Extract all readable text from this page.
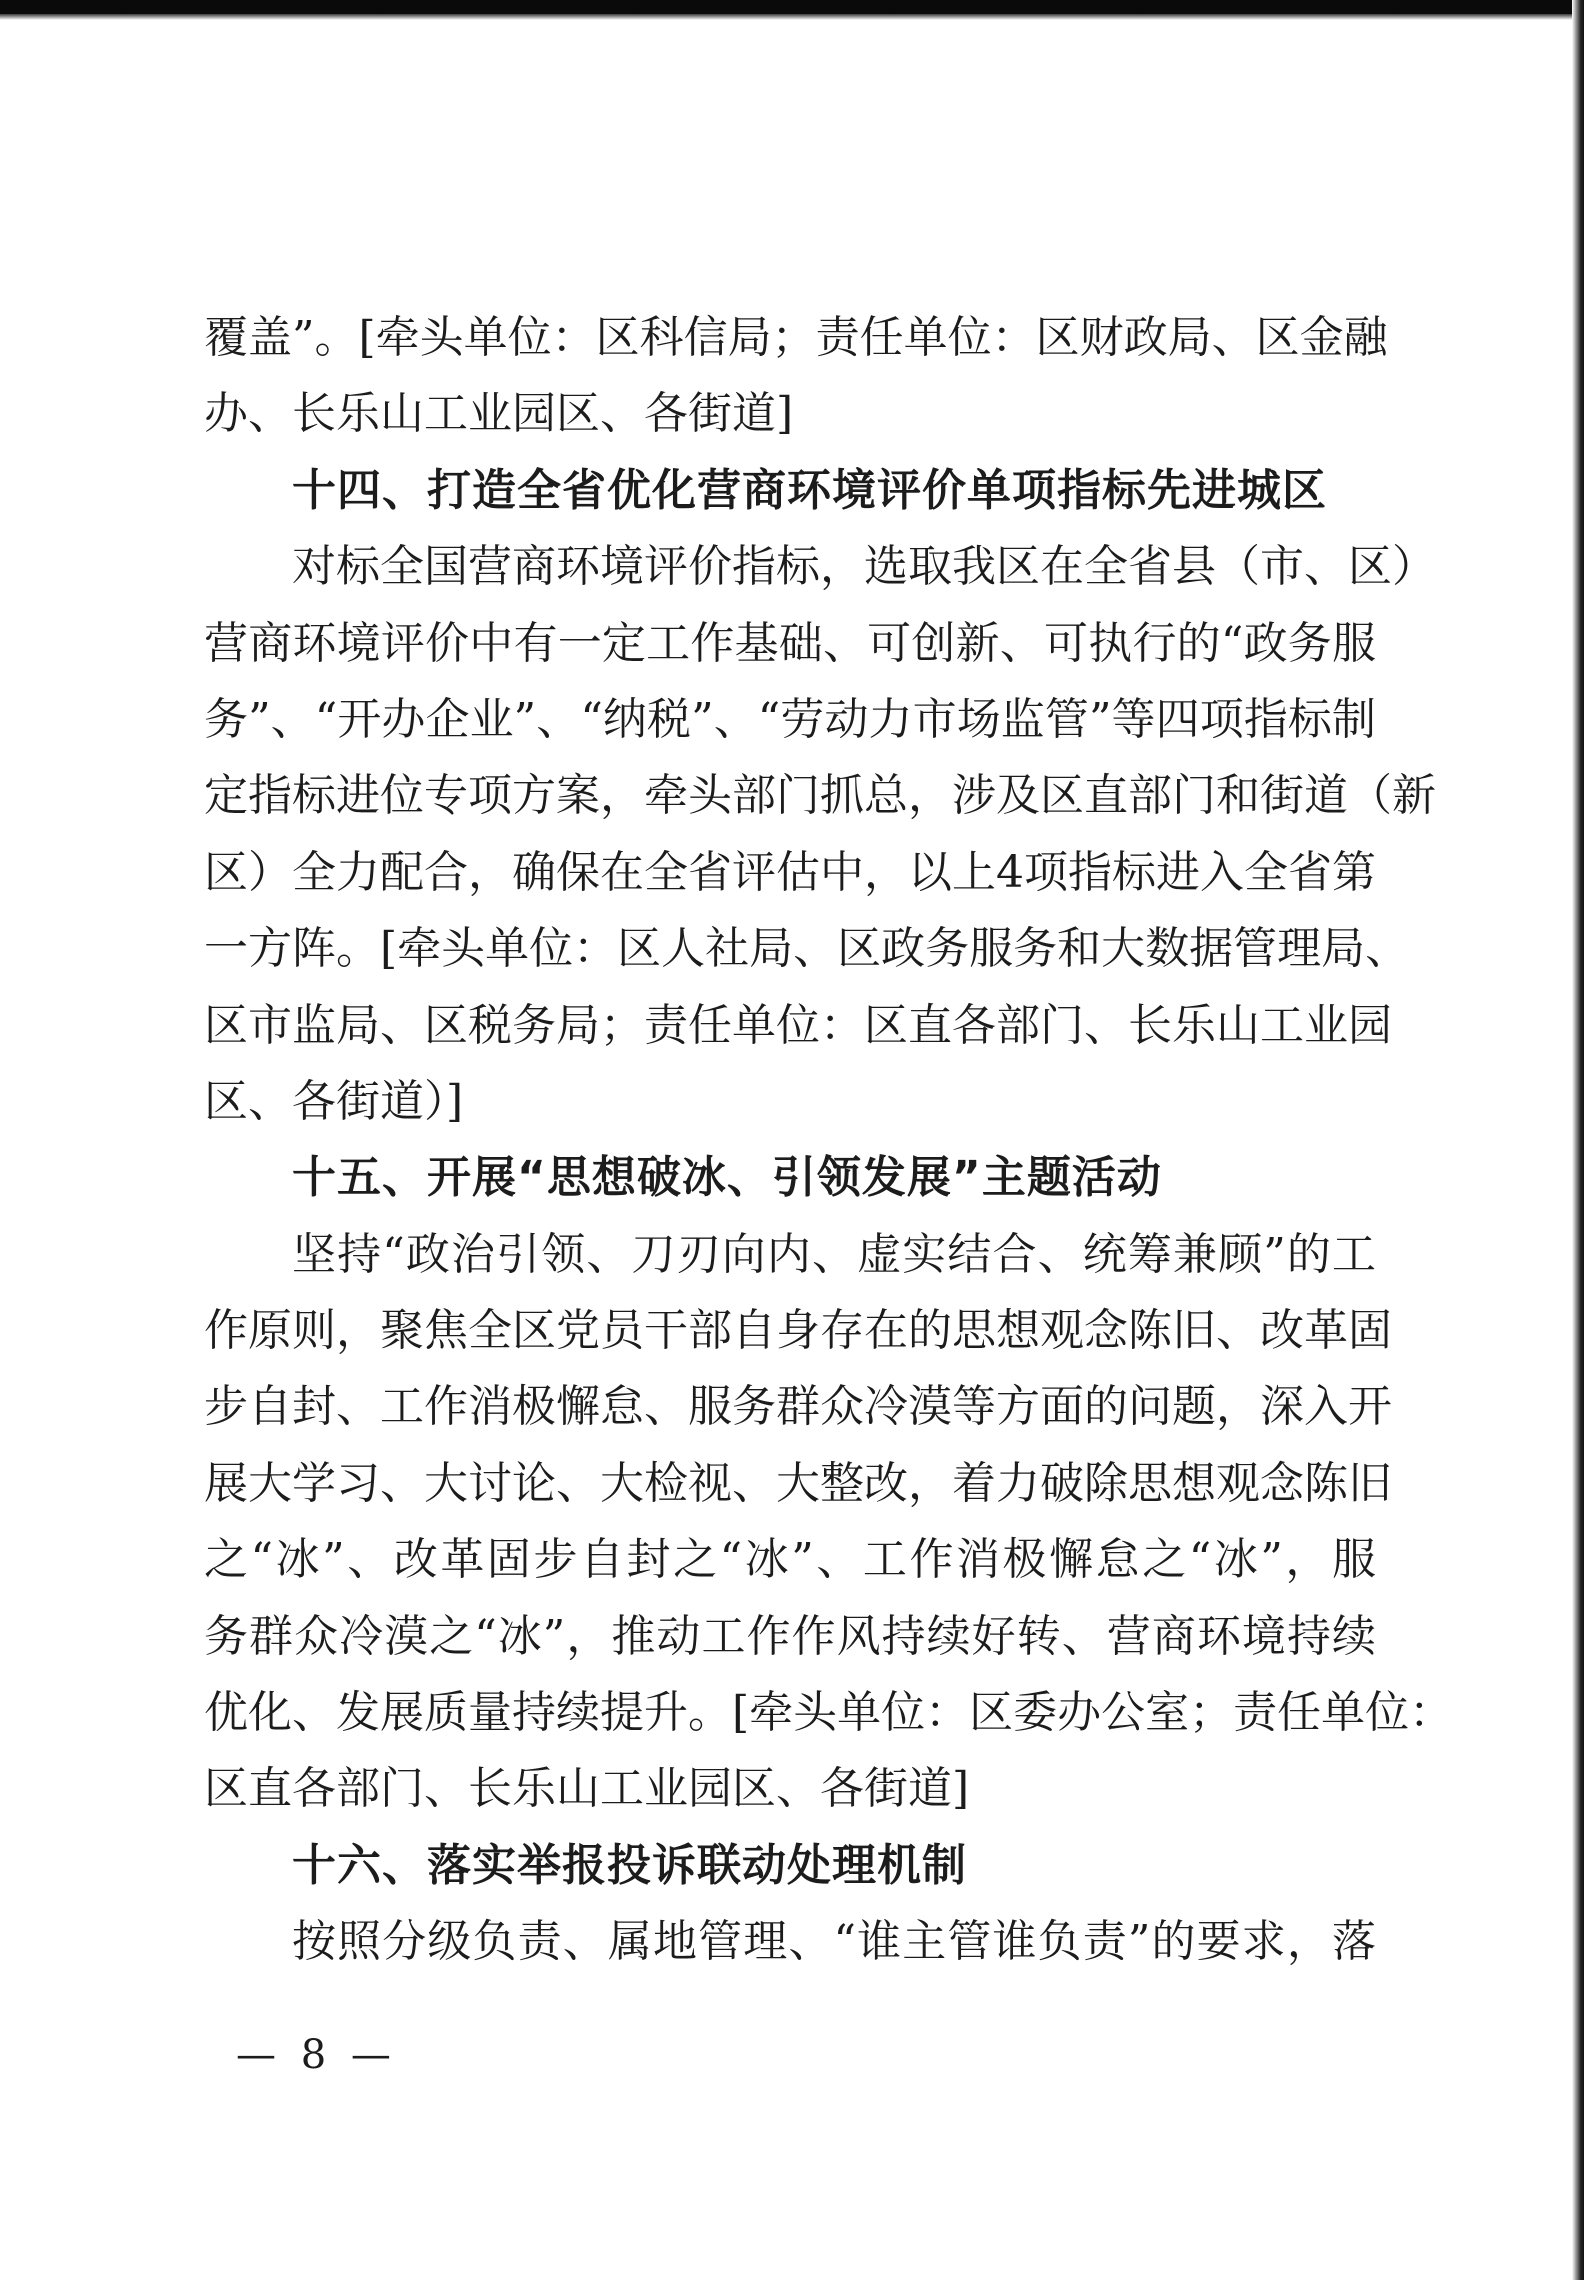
覆盖”。[牵头单位：区科信局；责任单位：区财政局、区金融
办、长乐山工业园区、各街道]
十四、打造全省优化营商环境评价单项指标先进城区
对标全国营商环境评价指标，选取我区在全省县（市、区）
营商环境评价中有一定工作基础、可创新、可执行的“政务服
务”、“开办企业”、“纳税”、“劳动力市场监管”等四项指标制
定指标进位专项方案，牵头部门抓总，涉及区直部门和街道（新
区）全力配合，确保在全省评估中，以上4项指标进入全省第
一方阵。[牵头单位：区人社局、区政务服务和大数据管理局、
区市监局、区税务局；责任单位：区直各部门、长乐山工业园
区、各街道）]
十五、开展“思想破冰、引领发展”主题活动
坚持“政治引领、刀刃向内、虚实结合、统筹兼顾”的工
作原则，聚焦全区党员干部自身存在的思想观念陈旧、改革固
步自封、工作消极懈怠、服务群众冷漠等方面的问题，深入开
展大学习、大讨论、大检视、大整改，着力破除思想观念陈旧
之“冰”、改革固步自封之“冰”、工作消极懈怠之“冰”，服
务群众冷漠之“冰”，推动工作作风持续好转、营商环境持续
优化、发展质量持续提升。[牵头单位：区委办公室；责任单位：
区直各部门、长乐山工业园区、各街道]
十六、落实举报投诉联动处理机制
按照分级负责、属地管理、“谁主管谁负责”的要求，落
— 8 —
